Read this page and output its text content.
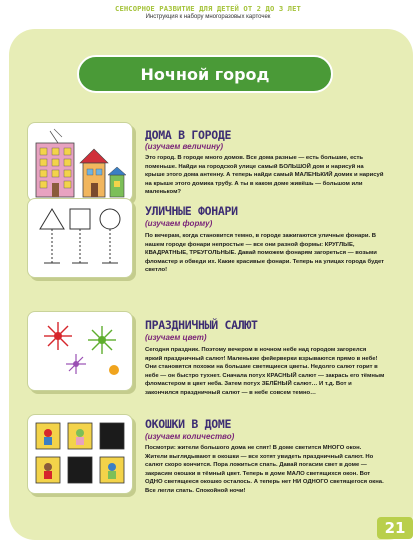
СЕНСОРНОЕ РАЗВИТИЕ ДЛЯ ДЕТЕЙ ОТ 2 ДО 3 ЛЕТ
Инструкция к набору многоразовых карточек
Ночной город
ДОМА В ГОРОДЕ
(изучаем величину)
Это город. В городе много домов. Все дома разные — есть большие, есть поменьше. Найди на городской улице самый БОЛЬШОЙ дом и нарисуй на крыше этого дома антенну. А теперь найди самый МАЛЕНЬКИЙ домик и нарисуй на крыше этого домика трубу. А ты в каком доме живёшь — большом или маленьком?
УЛИЧНЫЕ ФОНАРИ
(изучаем форму)
По вечерам, когда становится темно, в городе зажигаются уличные фонари. В нашем городе фонари непростые — все они разной формы: КРУГЛЫЕ, КВАДРАТНЫЕ, ТРЕУГОЛЬНЫЕ. Давай поможем фонарям загореться — возьми фломастер и обведи их. Какие красивые фонари. Теперь на улицах города будет светло!
ПРАЗДНИЧНЫЙ САЛЮТ
(изучаем цвет)
Сегодня праздник. Поэтому вечером в ночном небе над городом загорелся яркий праздничный салют! Маленькие фейерверки взрываются прямо в небе! Они становятся похожи на большие светящиеся цветы. Недолго салют горит в небе — он быстро тухнет. Сначала потух КРАСНЫЙ салют — закрась его тёмным фломастером в цвет неба. Затем потух ЗЕЛЁНЫЙ салют… И т.д. Вот и закончился праздничный салют — в небе совсем темно…
ОКОШКИ В ДОМЕ
(изучаем количество)
Посмотри: жители большого дома не спят! В доме светится МНОГО окон. Жители выглядывают в окошки — все хотят увидеть праздничный салют. Но салют скоро кончится. Пора ложиться спать. Давай погасим свет в доме — закрасим окошки в тёмный цвет. Теперь в доме МАЛО светящихся окон. Вот ОДНО светящееся окошко осталось. А теперь нет НИ ОДНОГО светящегося окна. Все легли спать. Спокойной ночи!
21
